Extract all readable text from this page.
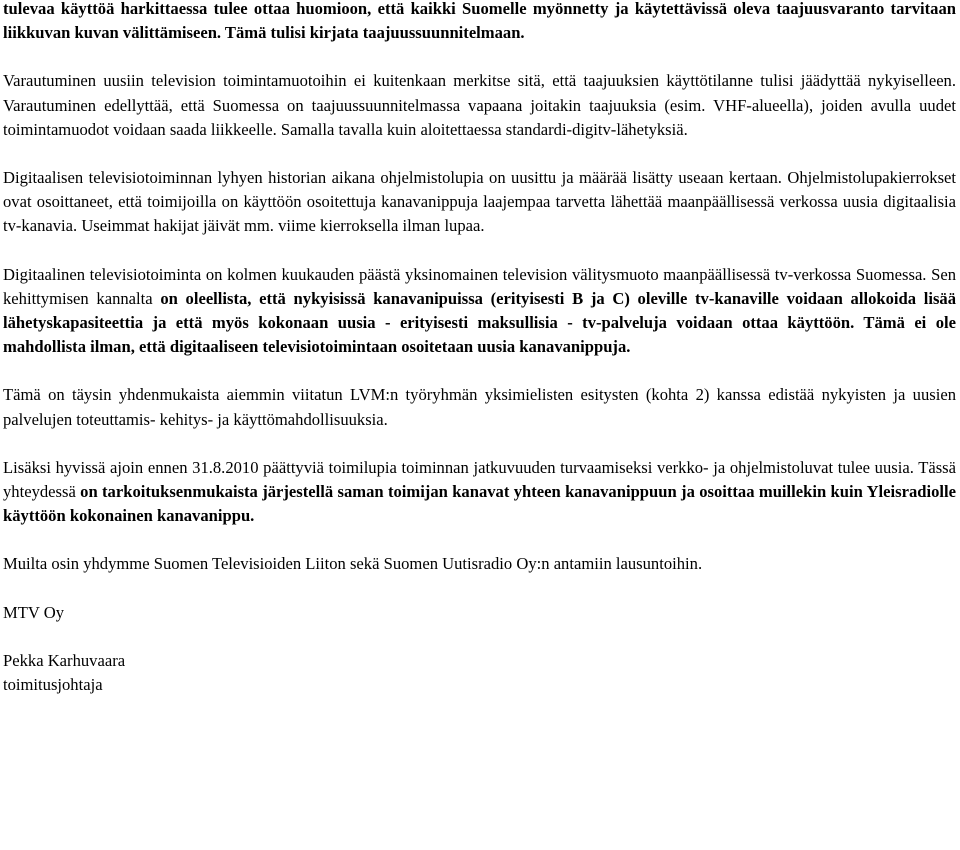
tulevaa käyttöä harkittaessa tulee ottaa huomioon, että kaikki Suomelle myönnetty ja käytettävissä oleva taajuusvaranto tarvitaan liikkuvan kuvan välittämiseen. Tämä tulisi kirjata taajuussuunnitelmaan.

Varautuminen uusiin television toimintamuotoihin ei kuitenkaan merkitse sitä, että taajuuksien käyttötilanne tulisi jäädyttää nykyiselleen. Varautuminen edellyttää, että Suomessa on taajuussuunnitelmassa vapaana joitakin taajuuksia (esim. VHF-alueella), joiden avulla uudet toimintamuodot voidaan saada liikkeelle. Samalla tavalla kuin aloitettaessa standardi-digitv-lähetyksiä.

Digitaalisen televisiotoiminnan lyhyen historian aikana ohjelmistolupia on uusittu ja määrää lisätty useaan kertaan. Ohjelmistolupakierrokset ovat osoittaneet, että toimijoilla on käyttöön osoitettuja kanavanippuja laajempaa tarvetta lähettää maanpäällisessä verkossa uusia digitaalisia tv-kanavia. Useimmat hakijat jäivät mm. viime kierroksella ilman lupaa.

Digitaalinen televisiotoiminta on kolmen kuukauden päästä yksinomainen television välitysmuoto maanpäällisessä tv-verkossa Suomessa. Sen kehittymisen kannalta on oleellista, että nykyisissä kanavanipuissa (erityisesti B ja C) oleville tv-kanaville voidaan allokoida lisää lähetyskapasiteettia ja että myös kokonaan uusia - erityisesti maksullisia - tv-palveluja voidaan ottaa käyttöön. Tämä ei ole mahdollista ilman, että digitaaliseen televisiotoimintaan osoitetaan uusia kanavanippuja.

Tämä on täysin yhdenmukaista aiemmin viitatun LVM:n työryhmän yksimielisten esitysten (kohta 2) kanssa edistää nykyisten ja uusien palvelujen toteuttamis- kehitys- ja käyttömahdollisuuksia.

Lisäksi hyvissä ajoin ennen 31.8.2010 päättyviä toimilupia toiminnan jatkuvuuden turvaamiseksi verkko- ja ohjelmistoluvat tulee uusia. Tässä yhteydessä on tarkoituksenmukaista järjestellä saman toimijan kanavat yhteen kanavanippuun ja osoittaa muillekin kuin Yleisradiolle käyttöön kokonainen kanavanippu.

Muilta osin yhdymme Suomen Televisioiden Liiton sekä Suomen Uutisradio Oy:n antamiin lausuntoihin.

MTV Oy

Pekka Karhuvaara

toimitusjohtaja
